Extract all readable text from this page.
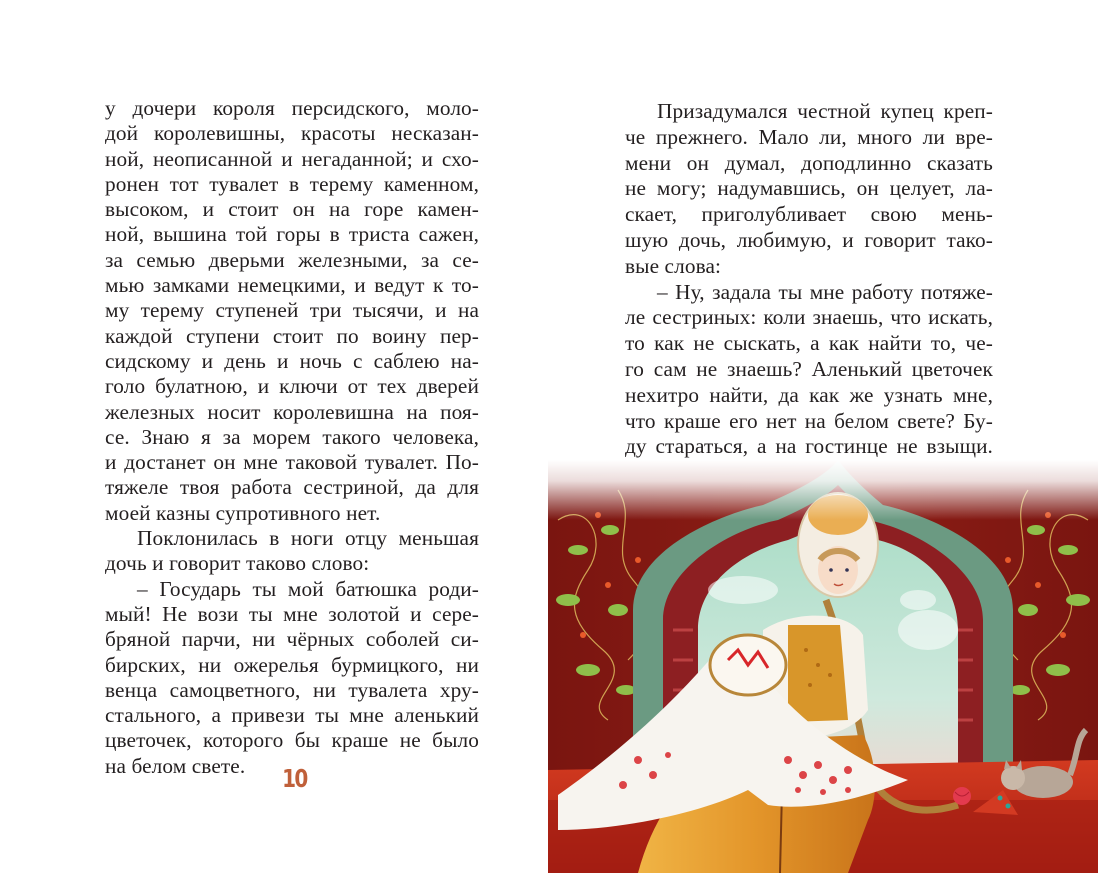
у дочери короля персидского, моло-
дой королевишны, красоты несказан-
ной, неописанной и негаданной; и схо-
ронен тот тувалет в терему каменном,
высоком, и стоит он на горе камен-
ной, вышина той горы в триста сажен,
за семью дверьми железными, за се-
мью замками немецкими, и ведут к то-
му терему ступеней три тысячи, и на
каждой ступени стоит по воину пер-
сидскому и день и ночь с саблею на-
голо булатною, и ключи от тех дверей
железных носит королевишна на поя-
се. Знаю я за морем такого человека,
и достанет он мне таковой тувалет. По-
тяжеле твоя работа сестриной, да для
моей казны супротивного нет.
Поклонилась в ноги отцу меньшая
дочь и говорит таково слово:
– Государь ты мой батюшка роди-
мый! Не вози ты мне золотой и сере-
бряной парчи, ни чёрных соболей си-
бирских, ни ожерелья бурмицкого, ни
венца самоцветного, ни тувалета хру-
стального, а привези ты мне аленький
цветочек, которого бы краше не было
на белом свете.	10
Призадумался честной купец креп-
че прежнего. Мало ли, много ли вре-
мени он думал, доподлинно сказать
не могу; надумавшись, он целует, ла-
скает, приголубливает свою мень-
шую дочь, любимую, и говорит тако-
вые слова:
– Ну, задала ты мне работу потяже-
ле сестриных: коли знаешь, что искать,
то как не сыскать, а как найти то, че-
го сам не знаешь? Аленький цветочек
нехитро найти, да как же узнать мне,
что краше его нет на белом свете? Бу-
ду стараться, а на гостинце не взыщи.
